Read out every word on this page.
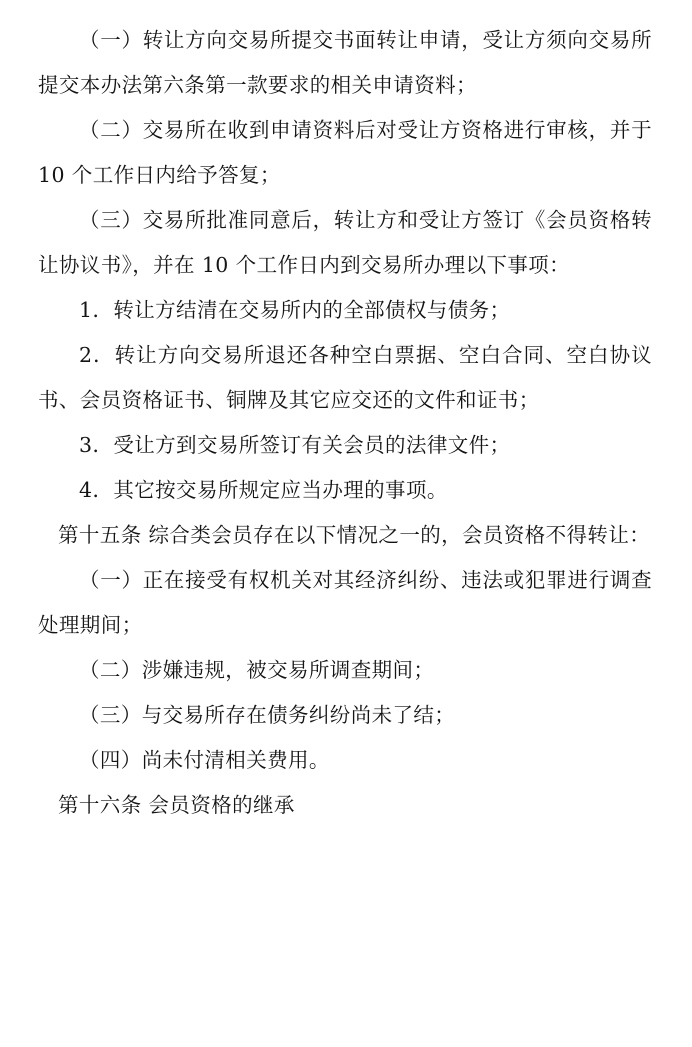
（一）转让方向交易所提交书面转让申请，受让方须向交易所提交本办法第六条第一款要求的相关申请资料；

（二）交易所在收到申请资料后对受让方资格进行审核，并于 10 个工作日内给予答复；

（三）交易所批准同意后，转让方和受让方签订《会员资格转让协议书》，并在 10 个工作日内到交易所办理以下事项：

1．转让方结清在交易所内的全部债权与债务；

2．转让方向交易所退还各种空白票据、空白合同、空白协议书、会员资格证书、铜牌及其它应交还的文件和证书；

3．受让方到交易所签订有关会员的法律文件；

4．其它按交易所规定应当办理的事项。

第十五条 综合类会员存在以下情况之一的，会员资格不得转让：

（一）正在接受有权机关对其经济纠纷、违法或犯罪进行调查处理期间；

（二）涉嫌违规，被交易所调查期间；

（三）与交易所存在债务纠纷尚未了结；

（四）尚未付清相关费用。

第十六条 会员资格的继承
